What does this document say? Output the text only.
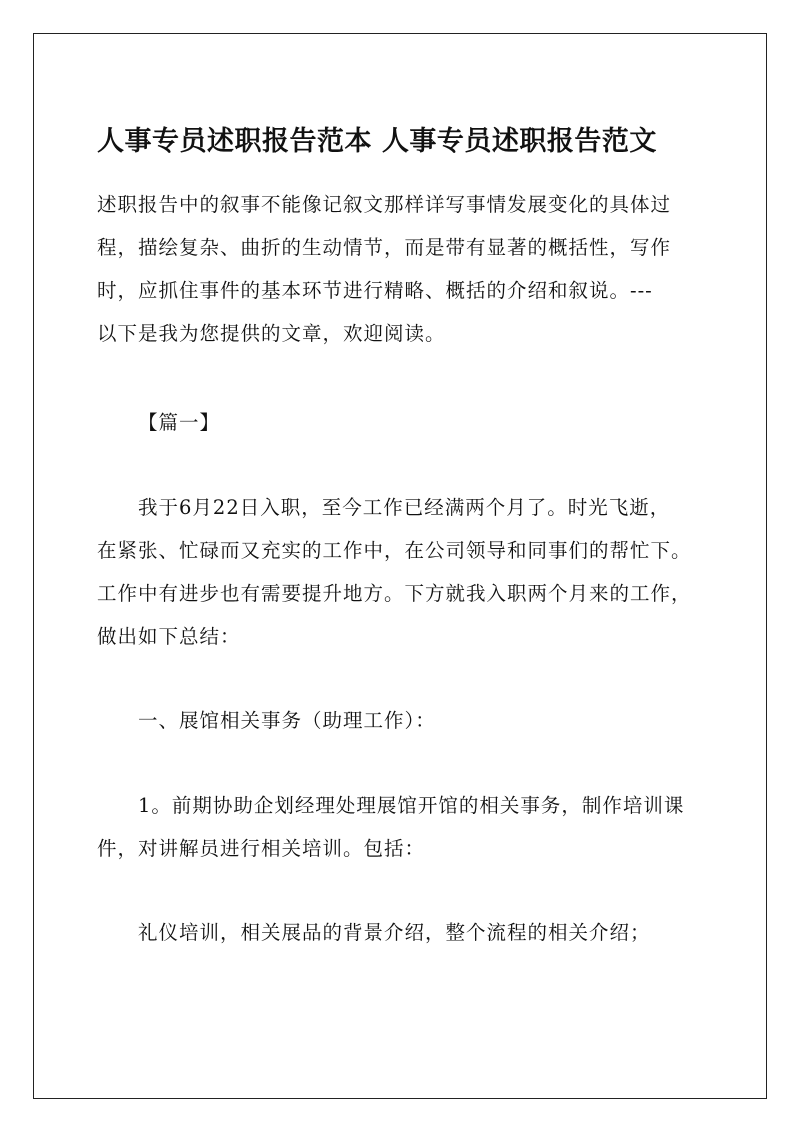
人事专员述职报告范本 人事专员述职报告范文

述职报告中的叙事不能像记叙文那样详写事情发展变化的具体过
程，描绘复杂、曲折的生动情节，而是带有显著的概括性，写作
时，应抓住事件的基本环节进行精略、概括的介绍和叙说。---
以下是我为您提供的文章，欢迎阅读。

【篇一】

我于6月22日入职，至今工作已经满两个月了。时光飞逝，
在紧张、忙碌而又充实的工作中，在公司领导和同事们的帮忙下。
工作中有进步也有需要提升地方。下方就我入职两个月来的工作，
做出如下总结：

一、展馆相关事务（助理工作）：

1。前期协助企划经理处理展馆开馆的相关事务，制作培训课
件，对讲解员进行相关培训。包括：

礼仪培训，相关展品的背景介绍，整个流程的相关介绍；
